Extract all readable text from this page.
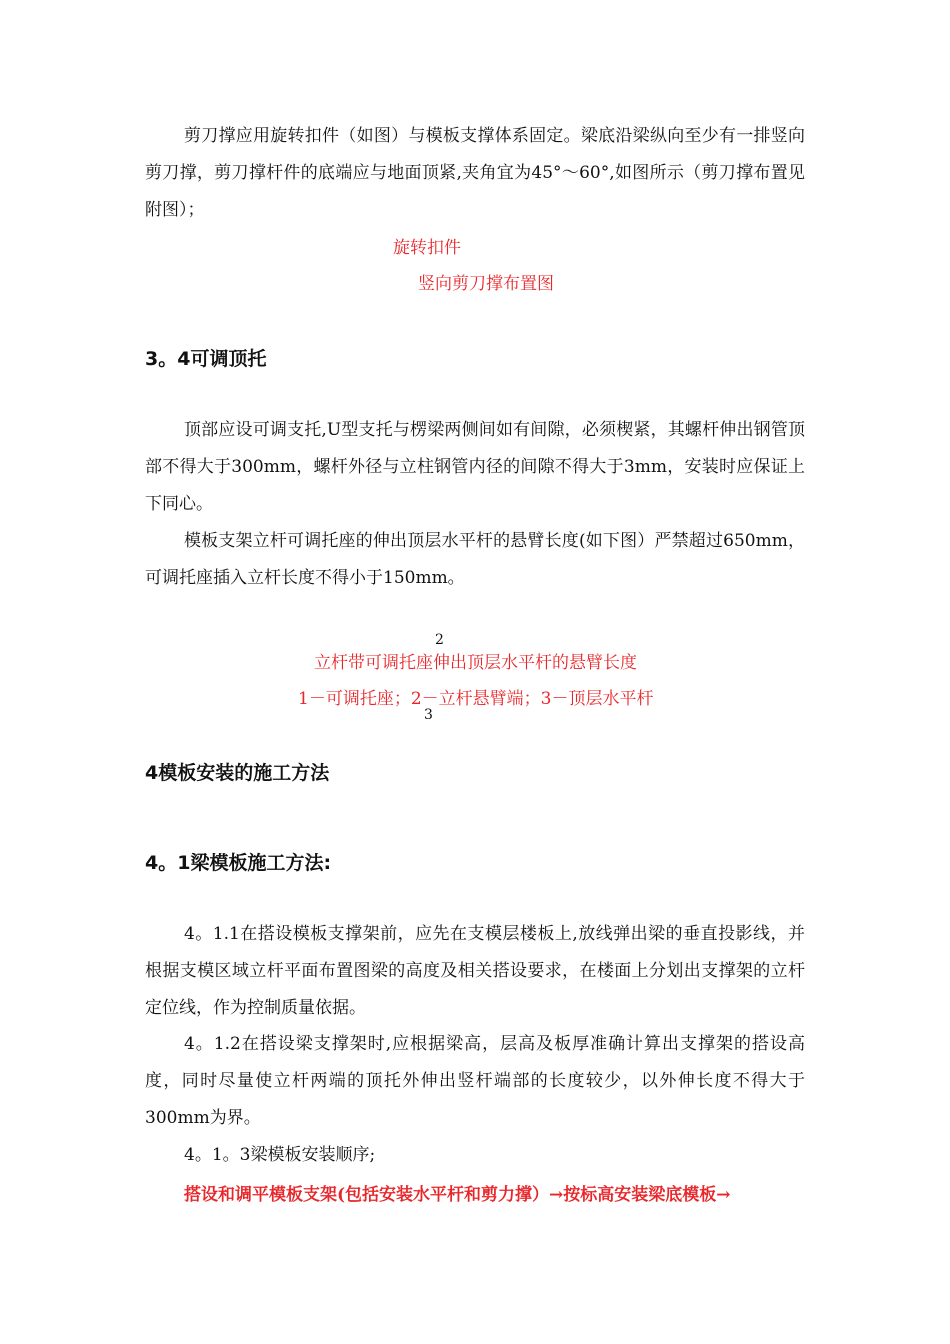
剪刀撑应用旋转扣件（如图）与模板支撑体系固定。梁底沿梁纵向至少有一排竖向剪刀撑，剪刀撑杆件的底端应与地面顶紧,夹角宜为45°～60°,如图所示（剪刀撑布置见附图）；

旋转扣件
竖向剪刀撑布置图
3。4可调顶托

顶部应设可调支托,U型支托与楞梁两侧间如有间隙，必须楔紧，其螺杆伸出钢管顶部不得大于300mm，螺杆外径与立柱钢管内径的间隙不得大于3mm，安装时应保证上下同心。

模板支架立杆可调托座的伸出顶层水平杆的悬臂长度(如下图）严禁超过650mm，可调托座插入立杆长度不得小于150mm。

2
立杆带可调托座伸出顶层水平杆的悬臂长度
1－可调托座；2－立杆悬臂端；3－顶层水平杆
3
4模板安装的施工方法
4。1梁模板施工方法:

4。1.1在搭设模板支撑架前，应先在支模层楼板上,放线弹出梁的垂直投影线，并根据支模区域立杆平面布置图梁的高度及相关搭设要求，在楼面上分划出支撑架的立杆定位线，作为控制质量依据。

4。1.2在搭设梁支撑架时,应根据梁高，层高及板厚准确计算出支撑架的搭设高度，同时尽量使立杆两端的顶托外伸出竖杆端部的长度较少，以外伸长度不得大于300mm为界。

4。1。3梁模板安装顺序;

搭设和调平模板支架(包括安装水平杆和剪力撑）→按标高安装梁底模板→
